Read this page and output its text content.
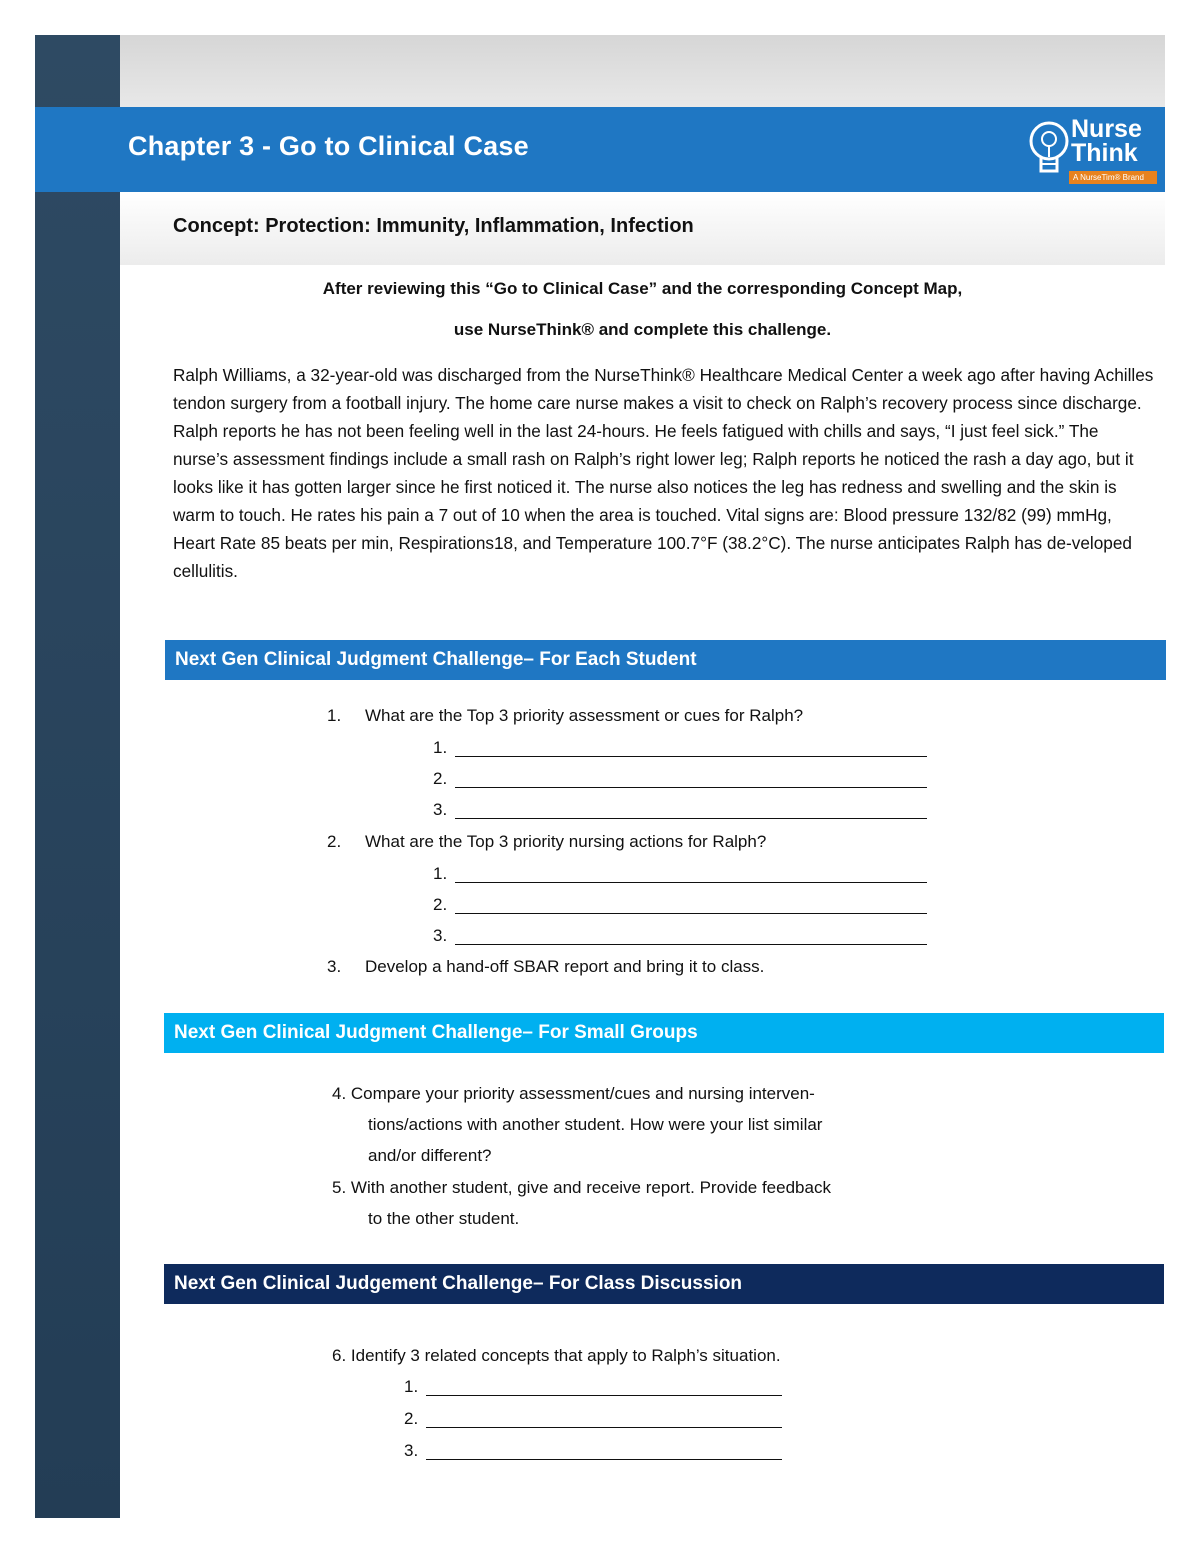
Chapter 3 - Go to Clinical Case
Nurse
Think
A NurseTim® Brand
Concept: Protection: Immunity, Inflammation, Infection
After reviewing this “Go to Clinical Case” and the corresponding Concept Map,
use NurseThink® and complete this challenge.
Ralph Williams, a 32-year-old was discharged from the NurseThink® Healthcare Medical Center a week ago after having Achilles tendon surgery from a football injury. The home care nurse makes a visit to check on Ralph’s recovery process since discharge. Ralph reports he has not been feeling well in the last 24-hours. He feels fatigued with chills and says, “I just feel sick.” The nurse’s assessment findings include a small rash on Ralph’s right lower leg; Ralph reports he noticed the rash a day ago, but it looks like it has gotten larger since he first noticed it. The nurse also notices the leg has redness and swelling and the skin is warm to touch. He rates his pain a 7 out of 10 when the area is touched. Vital signs are: Blood pressure 132/82 (99) mmHg, Heart Rate 85 beats per min, Respirations18, and Temperature 100.7°F (38.2°C). The nurse anticipates Ralph has de-veloped cellulitis.
Next Gen Clinical Judgment Challenge– For Each Student
1. What are the Top 3 priority assessment or cues for Ralph?
1.
2.
3.
2. What are the Top 3 priority nursing actions for Ralph?
1.
2.
3.
3. Develop a hand-off SBAR report and bring it to class.
Next Gen Clinical Judgment Challenge– For Small Groups
4. Compare your priority assessment/cues and nursing interven-
tions/actions with another student. How were your list similar
and/or different?
5. With another student, give and receive report. Provide feedback
to the other student.
Next Gen Clinical Judgement Challenge– For Class Discussion
6. Identify 3 related concepts that apply to Ralph’s situation.
1.
2.
3.
